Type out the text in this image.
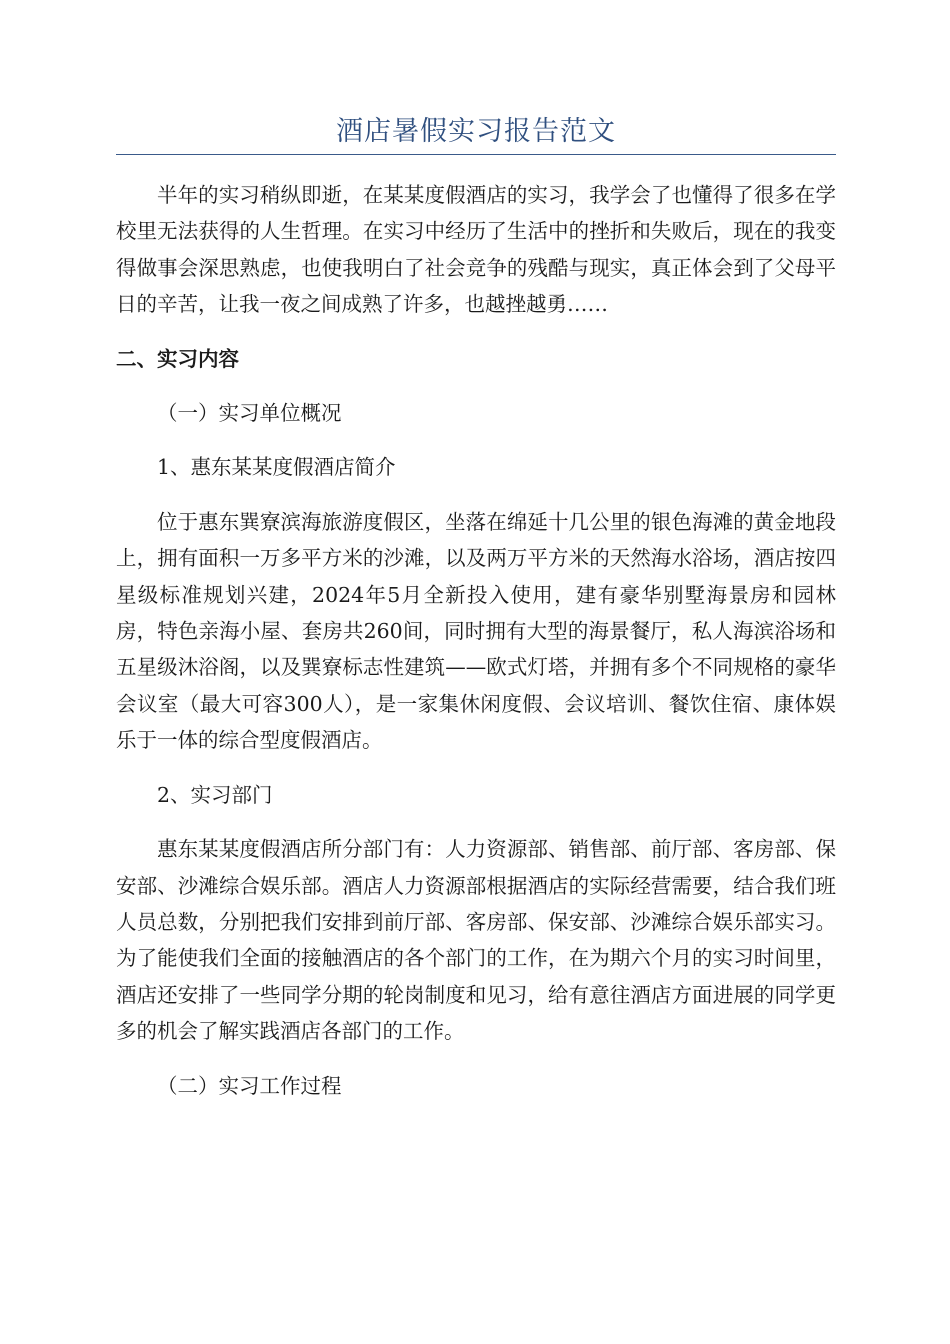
酒店暑假实习报告范文

半年的实习稍纵即逝，在某某度假酒店的实习，我学会了也懂得了很多在学校里无法获得的人生哲理。在实习中经历了生活中的挫折和失败后，现在的我变得做事会深思熟虑，也使我明白了社会竞争的残酷与现实，真正体会到了父母平日的辛苦，让我一夜之间成熟了许多，也越挫越勇……

二、实习内容

（一）实习单位概况

1、惠东某某度假酒店简介

位于惠东巽寮滨海旅游度假区，坐落在绵延十几公里的银色海滩的黄金地段上，拥有面积一万多平方米的沙滩，以及两万平方米的天然海水浴场，酒店按四星级标准规划兴建，2024年5月全新投入使用，建有豪华别墅海景房和园林房，特色亲海小屋、套房共260间，同时拥有大型的海景餐厅，私人海滨浴场和五星级沐浴阁，以及巽寮标志性建筑——欧式灯塔，并拥有多个不同规格的豪华会议室（最大可容300人），是一家集休闲度假、会议培训、餐饮住宿、康体娱乐于一体的综合型度假酒店。

2、实习部门

惠东某某度假酒店所分部门有：人力资源部、销售部、前厅部、客房部、保安部、沙滩综合娱乐部。酒店人力资源部根据酒店的实际经营需要，结合我们班人员总数，分别把我们安排到前厅部、客房部、保安部、沙滩综合娱乐部实习。为了能使我们全面的接触酒店的各个部门的工作，在为期六个月的实习时间里，酒店还安排了一些同学分期的轮岗制度和见习，给有意往酒店方面进展的同学更多的机会了解实践酒店各部门的工作。

（二）实习工作过程
